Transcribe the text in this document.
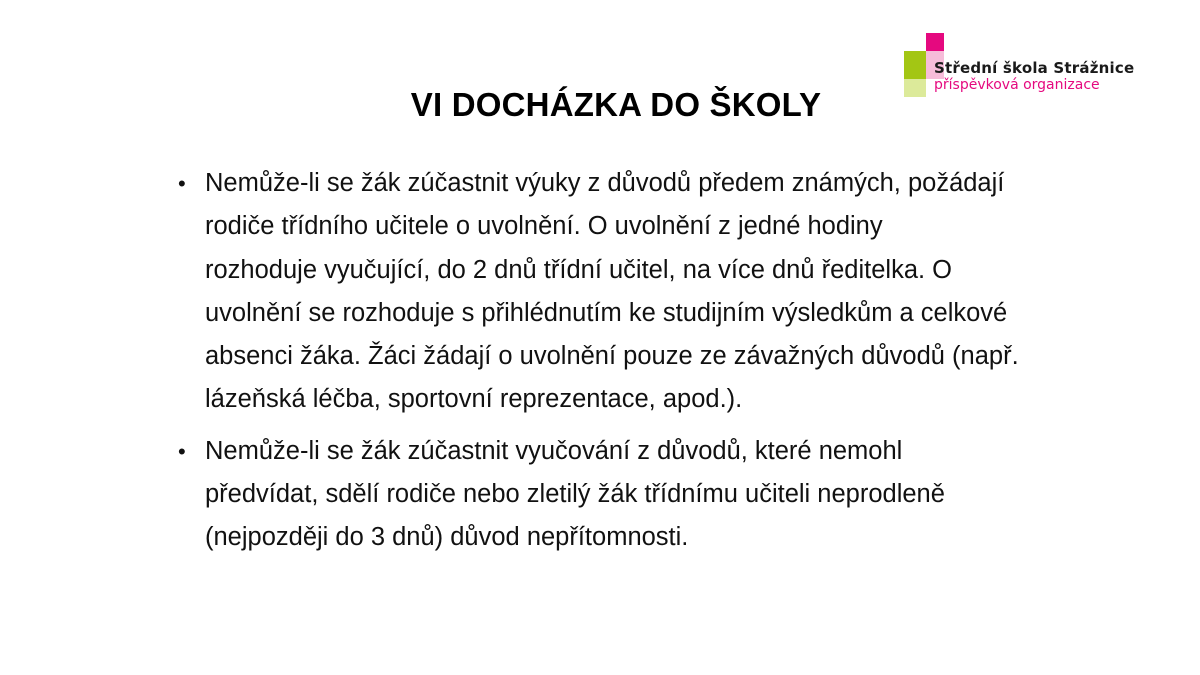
Střední škola Strážnice
příspěvková organizace
VI DOCHÁZKA DO ŠKOLY
• Nemůže-li se žák zúčastnit výuky z důvodů předem známých, požádají
rodiče třídního učitele o uvolnění. O uvolnění z jedné hodiny
rozhoduje vyučující, do 2 dnů třídní učitel, na více dnů ředitelka. O
uvolnění se rozhoduje s přihlédnutím ke studijním výsledkům a celkové
absenci žáka. Žáci žádají o uvolnění pouze ze závažných důvodů (např.
lázeňská léčba, sportovní reprezentace, apod.).
• Nemůže-li se žák zúčastnit vyučování z důvodů, které nemohl
předvídat, sdělí rodiče nebo zletilý žák třídnímu učiteli neprodleně
(nejpozději do 3 dnů) důvod nepřítomnosti.
